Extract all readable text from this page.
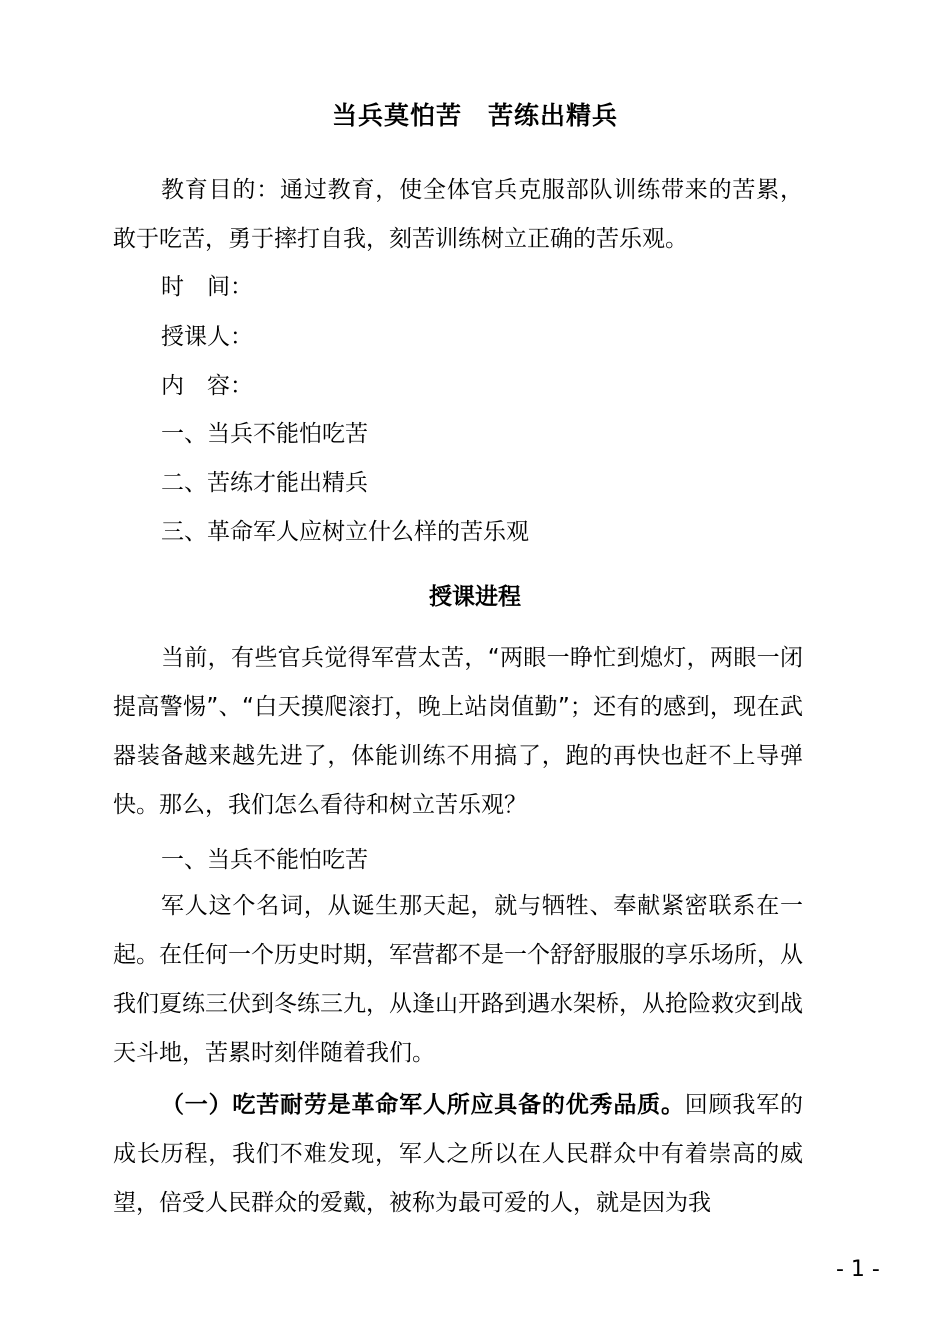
当兵莫怕苦　苦练出精兵

教育目的：通过教育，使全体官兵克服部队训练带来的苦累，敢于吃苦，勇于摔打自我，刻苦训练树立正确的苦乐观。

时　间：
授课人：
内　容：
一、当兵不能怕吃苦
二、苦练才能出精兵
三、革命军人应树立什么样的苦乐观
授课进程

当前，有些官兵觉得军营太苦，“两眼一睁忙到熄灯，两眼一闭提高警惕”、“白天摸爬滚打，晚上站岗值勤”；还有的感到，现在武器装备越来越先进了，体能训练不用搞了，跑的再快也赶不上导弹快。那么，我们怎么看待和树立苦乐观？

一、当兵不能怕吃苦

军人这个名词，从诞生那天起，就与牺牲、奉献紧密联系在一起。在任何一个历史时期，军营都不是一个舒舒服服的享乐场所，从我们夏练三伏到冬练三九，从逢山开路到遇水架桥，从抢险救灾到战天斗地，苦累时刻伴随着我们。

（一）吃苦耐劳是革命军人所应具备的优秀品质。回顾我军的成长历程，我们不难发现，军人之所以在人民群众中有着崇高的威望，倍受人民群众的爱戴，被称为最可爱的人，就是因为我

- 1 -
